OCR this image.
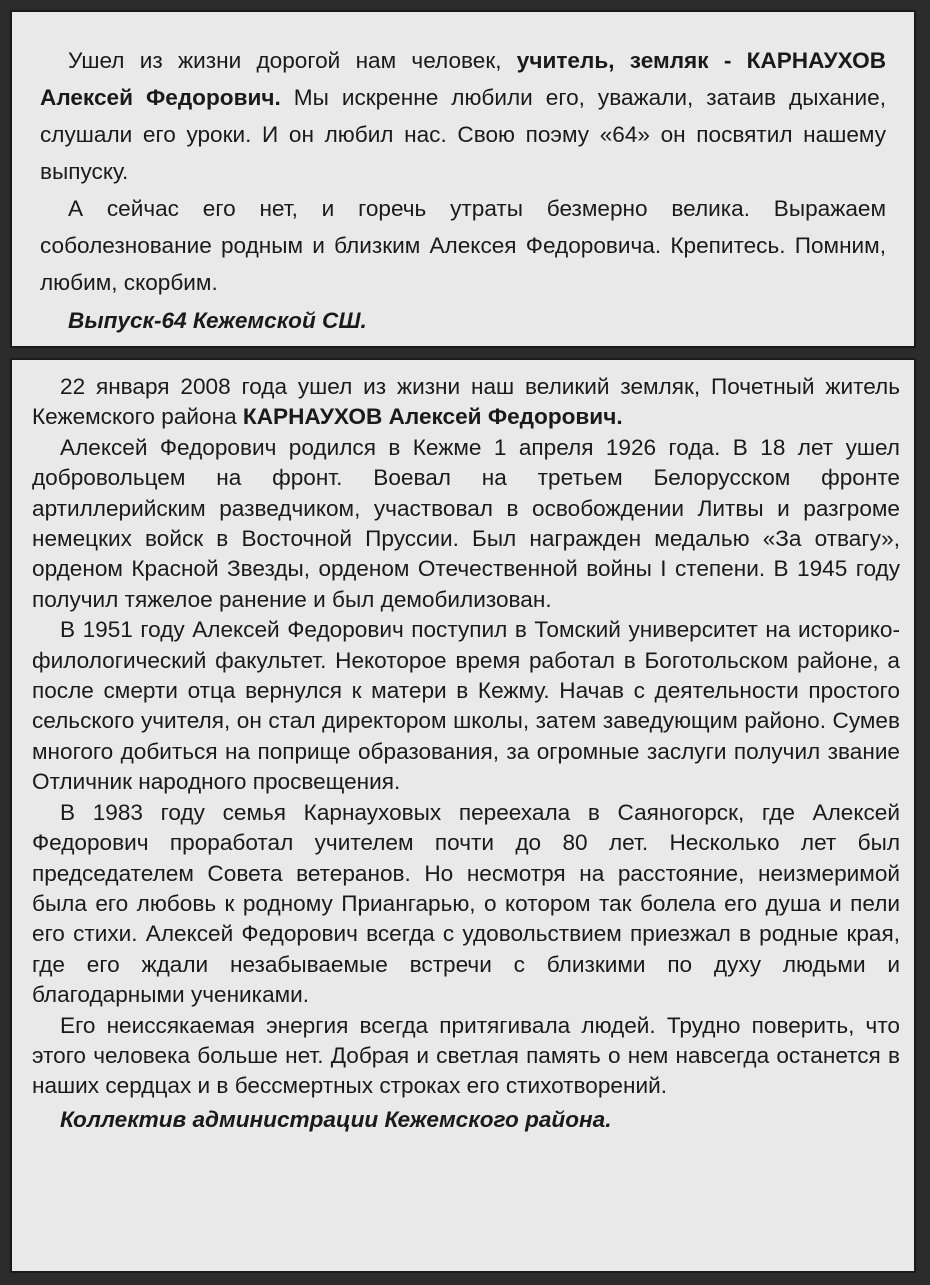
Ушел из жизни дорогой нам человек, учитель, земляк - КАРНАУХОВ Алексей Федорович. Мы искренне любили его, уважали, затаив дыхание, слушали его уроки. И он любил нас. Свою поэму «64» он посвятил нашему выпуску.

А сейчас его нет, и горечь утраты безмерно велика. Выражаем соболезнование родным и близким Алексея Федоровича. Крепитесь. Помним, любим, скорбим.

Выпуск-64 Кежемской СШ.

22 января 2008 года ушел из жизни наш великий земляк, Почетный житель Кежемского района КАРНАУХОВ Алексей Федорович.

Алексей Федорович родился в Кежме 1 апреля 1926 года. В 18 лет ушел добровольцем на фронт. Воевал на третьем Белорусском фронте артиллерийским разведчиком, участвовал в освобождении Литвы и разгроме немецких войск в Восточной Пруссии. Был награжден медалью «За отвагу», орденом Красной Звезды, орденом Отечественной войны I степени. В 1945 году получил тяжелое ранение и был демобилизован.

В 1951 году Алексей Федорович поступил в Томский университет на историко-филологический факультет. Некоторое время работал в Боготольском районе, а после смерти отца вернулся к матери в Кежму. Начав с деятельности простого сельского учителя, он стал директором школы, затем заведующим районо. Сумев многого добиться на поприще образования, за огромные заслуги получил звание Отличник народного просвещения.

В 1983 году семья Карнауховых переехала в Саяногорск, где Алексей Федорович проработал учителем почти до 80 лет. Несколько лет был председателем Совета ветеранов. Но несмотря на расстояние, неизмеримой была его любовь к родному Приангарью, о котором так болела его душа и пели его стихи. Алексей Федорович всегда с удовольствием приезжал в родные края, где его ждали незабываемые встречи с близкими по духу людьми и благодарными учениками.

Его неиссякаемая энергия всегда притягивала людей. Трудно поверить, что этого человека больше нет. Добрая и светлая память о нем навсегда останется в наших сердцах и в бессмертных строках его стихотворений.

Коллектив администрации Кежемского района.
